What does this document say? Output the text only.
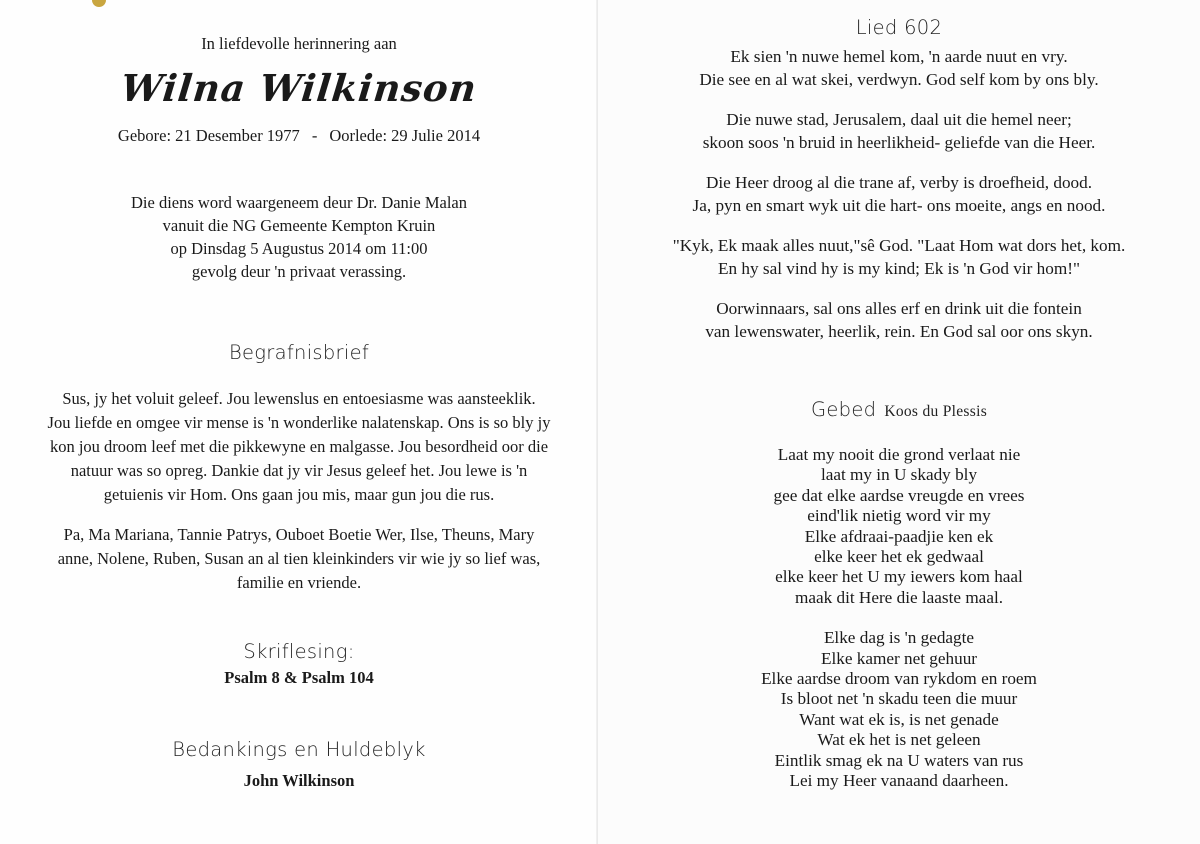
In liefdevolle herinnering aan

Wilna Wilkinson

Gebore: 21 Desember 1977 - Oorlede: 29 Julie 2014

Die diens word waargeneem deur Dr. Danie Malan

vanuit die NG Gemeente Kempton Kruin

op Dinsdag 5 Augustus 2014 om 11:00

gevolg deur 'n privaat verassing.

Begrafnisbrief

Sus, jy het voluit geleef. Jou lewenslus en entoesiasme was aansteeklik.

Jou liefde en omgee vir mense is 'n wonderlike nalatenskap. Ons is so bly jy

kon jou droom leef met die pikkewyne en malgasse. Jou besordheid oor die

natuur was so opreg. Dankie dat jy vir Jesus geleef het. Jou lewe is 'n

getuienis vir Hom. Ons gaan jou mis, maar gun jou die rus.

Pa, Ma Mariana, Tannie Patrys, Ouboet Boetie Wer, Ilse, Theuns, Mary

anne, Nolene, Ruben, Susan an al tien kleinkinders vir wie jy so lief was,

familie en vriende.

Skriflesing:

Psalm 8 & Psalm 104

Bedankings en Huldeblyk

John Wilkinson

Lied 602

Ek sien 'n nuwe hemel kom, 'n aarde nuut en vry.

Die see en al wat skei, verdwyn. God self kom by ons bly.

Die nuwe stad, Jerusalem, daal uit die hemel neer;

skoon soos 'n bruid in heerlikheid- geliefde van die Heer.

Die Heer droog al die trane af, verby is droefheid, dood.

Ja, pyn en smart wyk uit die hart- ons moeite, angs en nood.

"Kyk, Ek maak alles nuut,"sê God. "Laat Hom wat dors het, kom.

En hy sal vind hy is my kind; Ek is 'n God vir hom!"

Oorwinnaars, sal ons alles erf en drink uit die fontein

van lewenswater, heerlik, rein. En God sal oor ons skyn.

Gebed Koos du Plessis

Laat my nooit die grond verlaat nie

laat my in U skady bly

gee dat elke aardse vreugde en vrees

eind'lik nietig word vir my

Elke afdraai-paadjie ken ek

elke keer het ek gedwaal

elke keer het U my iewers kom haal

maak dit Here die laaste maal.

Elke dag is 'n gedagte

Elke kamer net gehuur

Elke aardse droom van rykdom en roem

Is bloot net 'n skadu teen die muur

Want wat ek is, is net genade

Wat ek het is net geleen

Eintlik smag ek na U waters van rus

Lei my Heer vanaand daarheen.
